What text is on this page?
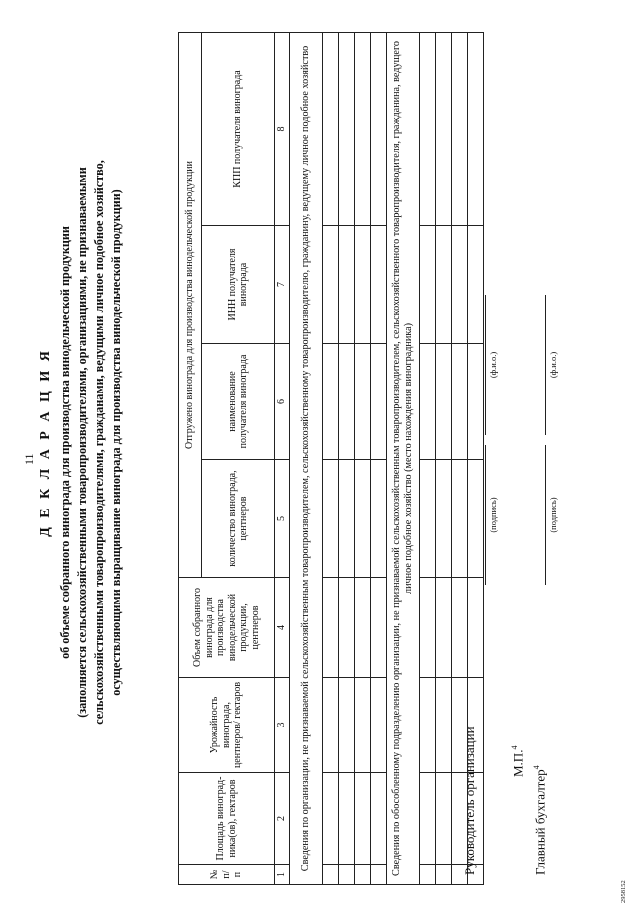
11 Д Е К Л А Р А Ц И Я об объеме собранного винограда для производства винодельческой продукции (заполняется сельскохозяйственными товаропроизводителями, организациями, не признаваемыми сельскохозяйственными товаропроизводителями, гражданами, ведущими личное подобное хозяйство, осуществляющими выращивание винограда для производства винодельческой продукции)
№ п/п	Площадь виноград-ника(ов), гектаров	Урожайность винограда, центнеров/ гектаров	Объем собранного винограда для производства винодельческой продукции, центнеров	Отгружено винограда для производства винодельческой продукции			
				количество винограда, центнеров	наименование получателя винограда	ИНН получателя винограда	КПП получателя винограда
1	2	3	4	5	6	7	8
Сведения по организации, не признаваемой сельскохозяйственным товаропроизводителем, сельскохозяйственному товаропроизводителю, гражданину, ведущему личное подобное хозяйство							

Сведения по обособленному подразделению организации, не признаваемой сельскохозяйственным товаропроизводителем, сельскохозяйственного товаропроизводителя, гражданина, ведущего личное подобное хозяйство (место нахождения виноградника)							

Руководитель организации
(подпись)
(ф.и.о.)
М.П.$^4$
Главный бухгалтер$^4$
(подпись)
(ф.и.о.)
2958152
